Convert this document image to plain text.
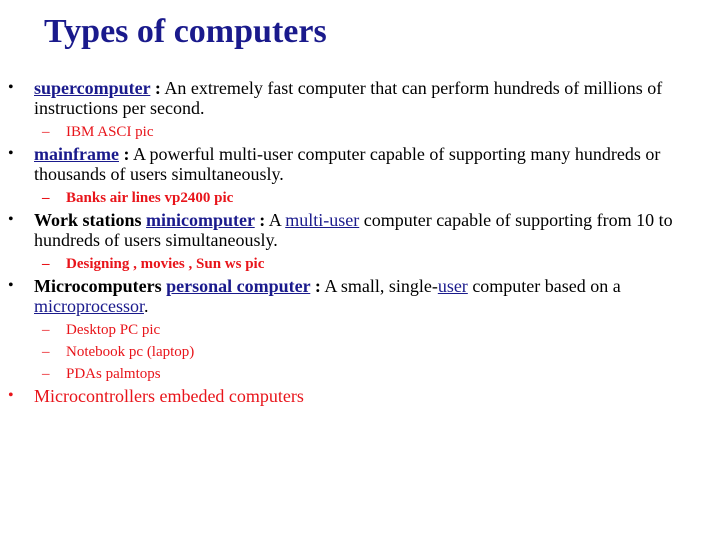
Types of computers
•	supercomputer : An extremely fast computer that can perform hundreds of millions of instructions per second.
– IBM ASCI pic
•	mainframe : A powerful multi-user computer capable of supporting many hundreds or thousands of users simultaneously.
– Banks air lines vp2400 pic
•	Work stations minicomputer : A multi-user computer capable of supporting from 10 to hundreds of users simultaneously.
– Designing , movies , Sun ws pic
•	Microcomputers personal computer : A small, single-user computer based on a microprocessor.
– Desktop PC pic
– Notebook pc (laptop)
– PDAs palmtops
•	Microcontrollers embeded computers
